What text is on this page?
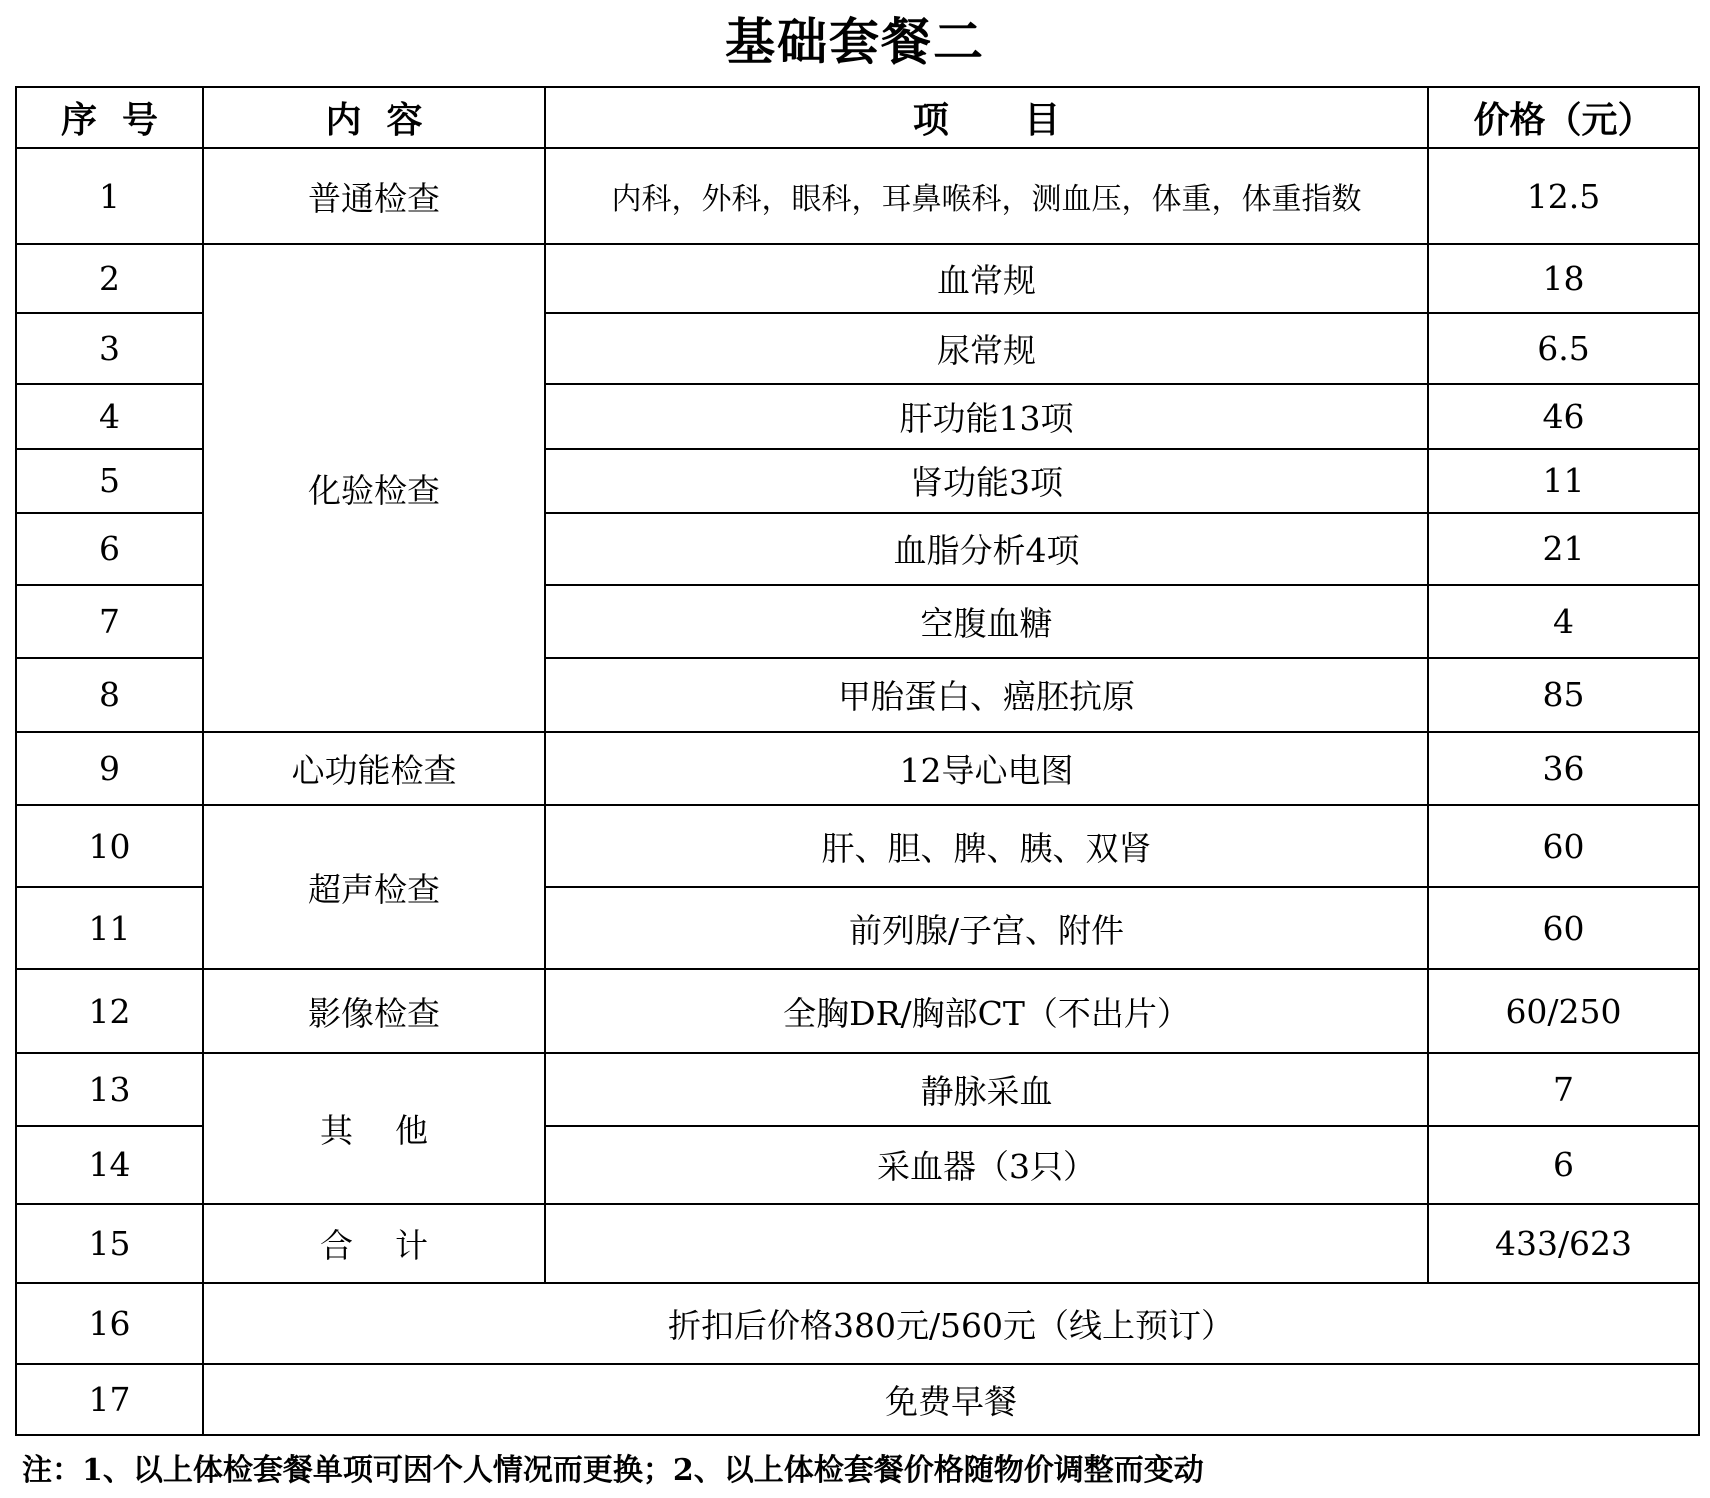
基础套餐二
序  号	内  容	项      目	价格（元）
1	普通检查	内科，外科，眼科，耳鼻喉科，测血压，体重，体重指数	12.5
2	化验检查	血常规	18
3		尿常规	6.5
4		肝功能13项	46
5		肾功能3项	11
6		血脂分析4项	21
7		空腹血糖	4
8		甲胎蛋白、癌胚抗原	85
9	心功能检查	12导心电图	36
10	超声检查	肝、胆、脾、胰、双肾	60
11		前列腺/子宫、附件	60
12	影像检查	全胸DR/胸部CT（不出片）	60/250
13	其    他	静脉采血	7
14		采血器（3只）	6
15	合    计		433/623
16	折扣后价格380元/560元（线上预订）		
17	免费早餐		
注：1、以上体检套餐单项可因个人情况而更换；2、以上体检套餐价格随物价调整而变动
